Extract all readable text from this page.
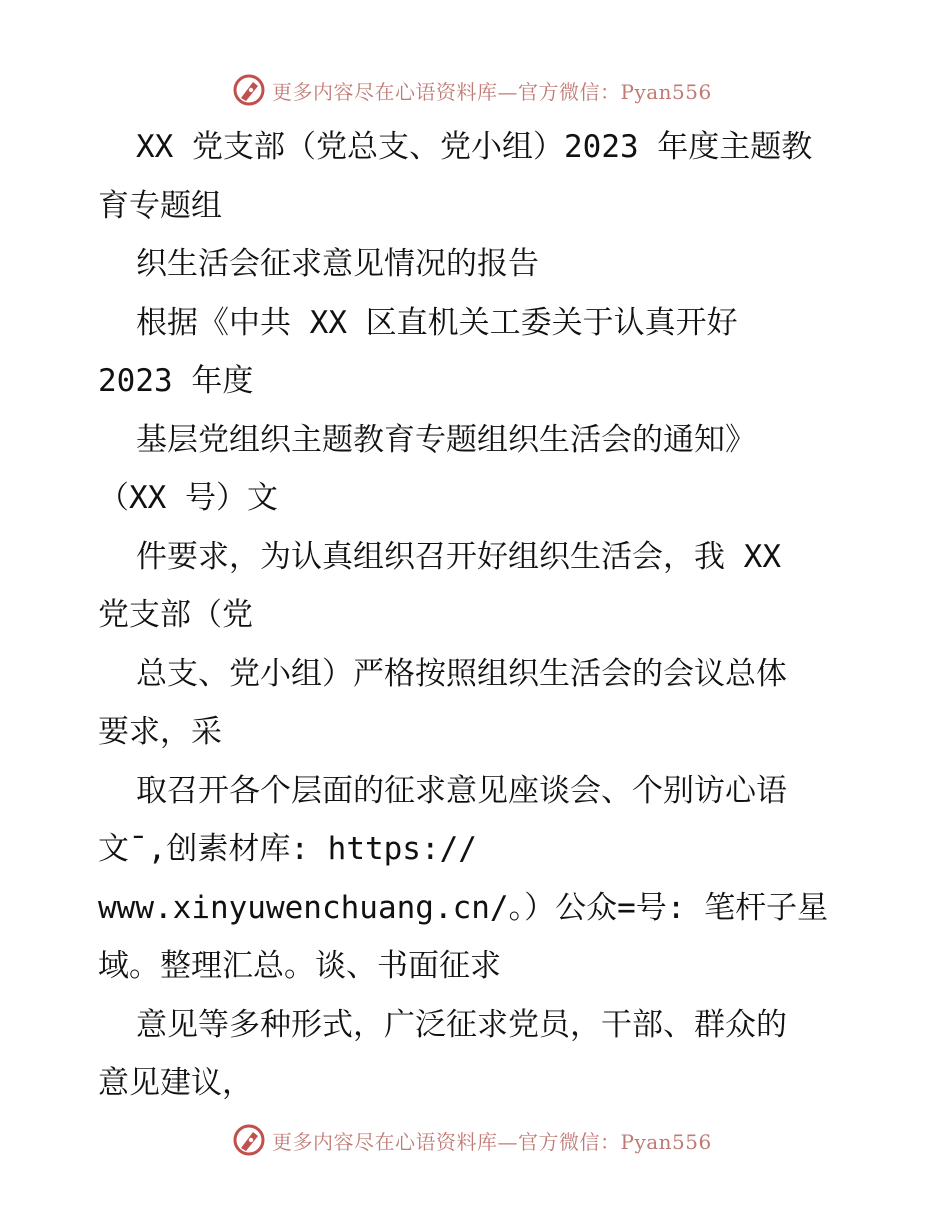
更多内容尽在心语资料库—官方微信：Pyan556
XX 党支部（党总支、党小组）2023 年度主题教
育专题组
织生活会征求意见情况的报告
根据《中共 XX 区直机关工委关于认真开好
2023 年度
基层党组织主题教育专题组织生活会的通知》
（XX 号）文
件要求，为认真组织召开好组织生活会，我 XX
党支部（党
总支、党小组）严格按照组织生活会的会议总体
要求，采
取召开各个层面的征求意见座谈会、个别访心语
文¯,创素材库: https://
www.xinyuwenchuang.cn/。）公众=号: 笔杆子星
域。整理汇总。谈、书面征求
意见等多种形式，广泛征求党员，干部、群众的
意见建议，
更多内容尽在心语资料库—官方微信：Pyan556
